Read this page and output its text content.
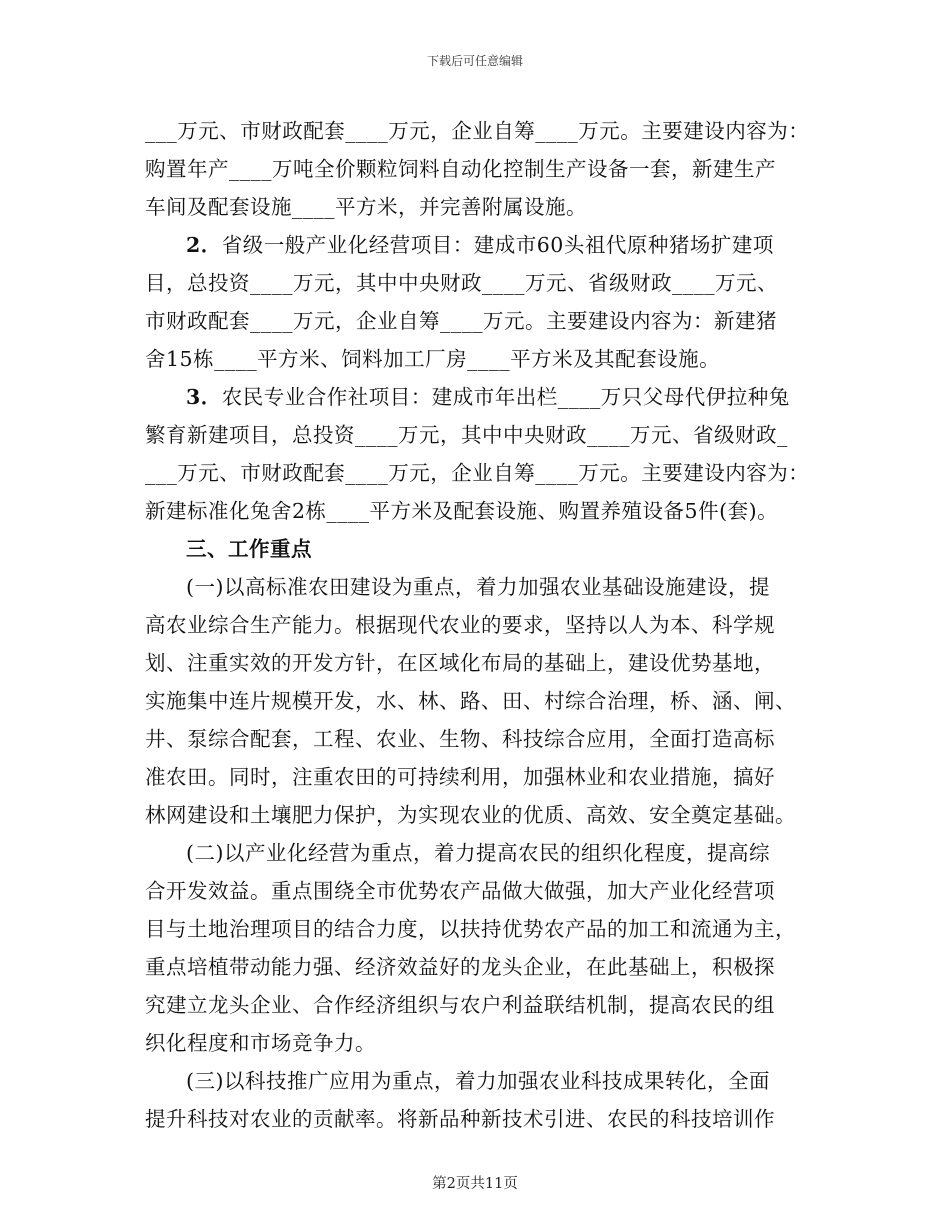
下载后可任意编辑
___万元、市财政配套____万元，企业自筹____万元。主要建设内容为：
购置年产____万吨全价颗粒饲料自动化控制生产设备一套，新建生产
车间及配套设施____平方米，并完善附属设施。
2．省级一般产业化经营项目：建成市60头祖代原种猪场扩建项
目，总投资____万元，其中中央财政____万元、省级财政____万元、
市财政配套____万元，企业自筹____万元。主要建设内容为：新建猪
舍15栋____平方米、饲料加工厂房____平方米及其配套设施。
3．农民专业合作社项目：建成市年出栏____万只父母代伊拉种兔
繁育新建项目，总投资____万元，其中中央财政____万元、省级财政_
___万元、市财政配套____万元，企业自筹____万元。主要建设内容为：
新建标准化兔舍2栋____平方米及配套设施、购置养殖设备5件(套)。
三、工作重点
(一)以高标准农田建设为重点，着力加强农业基础设施建设，提
高农业综合生产能力。根据现代农业的要求，坚持以人为本、科学规
划、注重实效的开发方针，在区域化布局的基础上，建设优势基地，
实施集中连片规模开发，水、林、路、田、村综合治理，桥、涵、闸、
井、泵综合配套，工程、农业、生物、科技综合应用，全面打造高标
准农田。同时，注重农田的可持续利用，加强林业和农业措施，搞好
林网建设和土壤肥力保护，为实现农业的优质、高效、安全奠定基础。
(二)以产业化经营为重点，着力提高农民的组织化程度，提高综
合开发效益。重点围绕全市优势农产品做大做强，加大产业化经营项
目与土地治理项目的结合力度，以扶持优势农产品的加工和流通为主，
重点培植带动能力强、经济效益好的龙头企业，在此基础上，积极探
究建立龙头企业、合作经济组织与农户利益联结机制，提高农民的组
织化程度和市场竞争力。
(三)以科技推广应用为重点，着力加强农业科技成果转化，全面
提升科技对农业的贡献率。将新品种新技术引进、农民的科技培训作
第2页共11页
